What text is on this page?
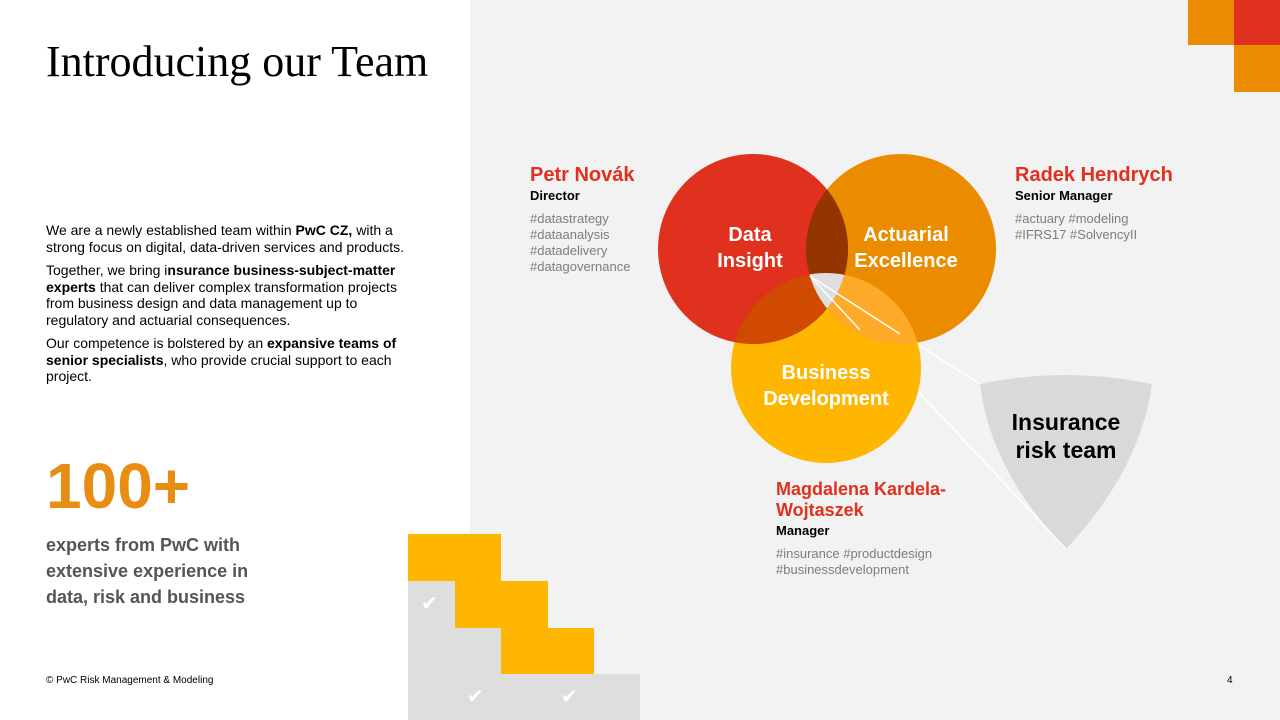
Introducing our Team

We are a newly established team within PwC CZ, with a strong focus on digital, data-driven services and products.

Together, we bring insurance business-subject-matter experts that can deliver complex transformation projects from business design and data management up to regulatory and actuarial consequences.

Our competence is bolstered by an expansive teams of senior specialists, who provide crucial support to each project.

100+
experts from PwC with extensive experience in data, risk and business	✔
✔	✔
Data Insight
Actuarial Excellence
Business Development
Insurance risk team
Petr Novák
Director
#datastrategy
#dataanalysis
#datadelivery
#datagovernance
Radek Hendrych
Senior Manager
#actuary #modeling
#IFRS17 #SolvencyII
Magdalena Kardela-Wojtaszek
Manager
#insurance #productdesign
#businessdevelopment
© PwC Risk Management & Modeling	4
